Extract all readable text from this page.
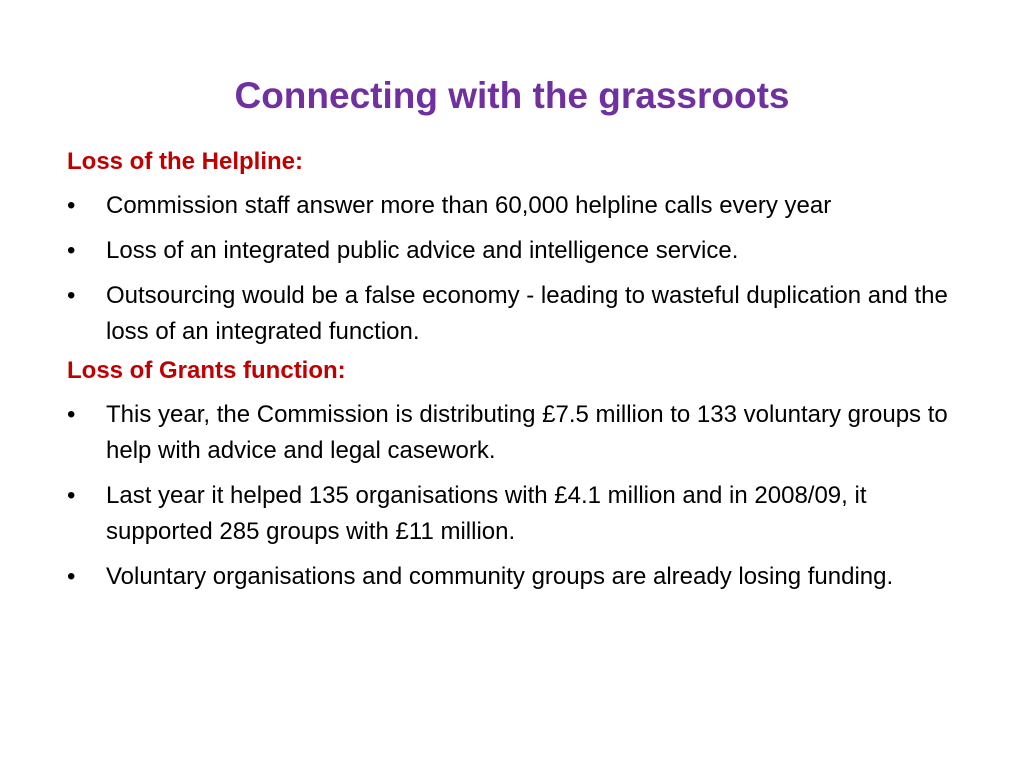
Connecting with the grassroots
Loss of the Helpline:
•	Commission staff answer more than 60,000 helpline calls every year
•	Loss of an integrated public advice and intelligence service.
•	Outsourcing would be a false economy - leading to wasteful duplication and the loss of an integrated function.
Loss of Grants function:
•	This year, the Commission is distributing £7.5 million to 133 voluntary groups to help with advice and legal casework.
•	Last year it helped 135 organisations with £4.1 million and in 2008/09, it supported 285 groups with £11 million.
•	Voluntary organisations and community groups are already losing funding.
